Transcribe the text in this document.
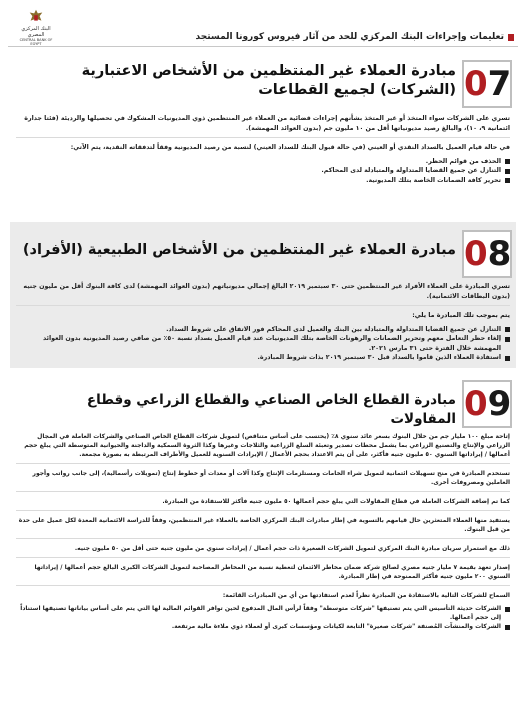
البنك المركزي المصري
CENTRAL BANK OF EGYPT
تعليمات وإجراءات البنك المركزي للحد من آثار فيروس كورونا المستجد
07
مبادرة العملاء غير المنتظمين من الأشخاص الاعتبارية (الشركات) لجميع القطاعات

تسري على الشركات سواء المتخذ أو غير المتخذ بشأنهم إجراءات قضائية من العملاء غير المنتظمين ذوي المديونيات المشكوك في تحصيلها والرديئة (فئتا جدارة ائتمانية ٩، ١٠)، والبالغ رصيد مديونياتها أقل من ١٠ مليون جم (بدون العوائد المهمشة).

في حالة قيام العميل بالسداد النقدي أو العيني (في حالة قبول البنك للسداد العيني) لنسبة من رصيد المديونية وفقاً لتدفقاته النقدية، يتم الآتي:

الحذف من قوائم الحظر.
التنازل عن جميع القضايا المتداولة والمتبادلة لدى المحاكم.
تحرير كافة الضمانات الخاصة بتلك المديونية.
08
مبادرة العملاء غير المنتظمين من الأشخاص الطبيعية (الأفراد)

تسري المبادرة على العملاء الأفراد غير المنتظمين حتى ٣٠ سبتمبر ٢٠١٩ البالغ إجمالي مديونياتهم (بدون العوائد المهمشة) لدى كافة البنوك أقل من مليون جنيه (بدون البطاقات الائتمانية).

يتم بموجب تلك المبادرة ما يلي:

التنازل عن جميع القضايا المتداولة والمتبادلة بين البنك والعميل لدى المحاكم فور الاتفاق على شروط السداد.
إلغاء حظر التعامل معهم وتحرير الضمانات والرهونات الخاصة بتلك المديونيات عند قيام العميل بسداد نسبة ٥٠٪ من صافي رصيد المديونية بدون العوائد المهمشة خلال الفترة حتى ٣١ مارس ٢٠٢١.
استفادة العملاء الذين قاموا بالسداد قبل ٣٠ سبتمبر ٢٠١٩ بذات شروط المبادرة.
09
مبادرة القطاع الخاص الصناعي والقطاع الزراعي وقطاع المقاولات

إتاحة مبلغ ١٠٠ مليار جم من خلال البنوك بسعر عائد سنوي ٨٪ (يحتسب على أساس متناقص) لتمويل شركات القطاع الخاص الصناعي والشركات العاملة في المجال الزراعي والإنتاج والتصنيع الزراعي بما يشمل محطات تصدير وتعبئة السلع الزراعية والثلاجات وغيرها وكذا الثروة السمكية والداجنة والحيوانية المتوسطة التي يبلغ حجم أعمالها / إيراداتها السنوي ٥٠ مليون جنيه فأكثر، على أن يتم الاعتداد بحجم الأعمال / الإيرادات السنوية للعميل والأطراف المرتبطة به بصورة مجمعة.

تستخدم المبادرة في منح تسهيلات ائتمانية لتمويل شراء الخامات ومستلزمات الإنتاج وكذا آلات أو معدات أو خطوط إنتاج (تمويلات رأسمالية)، إلى جانب رواتب وأجور العاملين ومصروفات أخرى.

كما تم إضافة الشركات العاملة في قطاع المقاولات التي يبلغ حجم أعمالها ٥٠ مليون جنيه فأكثر للاستفادة من المبادرة.

يستفيد منها العملاء المتعثرين حال قيامهم بالتسوية في إطار مبادرات البنك المركزي الخاصة بالعملاء غير المنتظمين، وفقاً للدراسة الائتمانية المعدة لكل عميل على حدة من قبل البنوك.

ذلك مع استمرار سريان مبادرة البنك المركزي لتمويل الشركات الصغيرة ذات حجم أعمال / إيرادات سنوي من مليون جنيه حتى أقل من ٥٠ مليون جنيه.

إصدار تعهد بقيمة ٧ مليار جنيه مصري لصالح شركة ضمان مخاطر الائتمان لتغطية نسبة من المخاطر المصاحبة لتمويل الشركات الكبرى البالغ حجم أعمالها / إيراداتها السنوي ٢٠٠ مليون جنيه فأكثر الممنوحة في إطار المبادرة.

السماح للشركات التالية بالاستفادة من المبادرة نظراً لعدم استفادتها من أي من المبادرات القائمة:

الشركات حديثة التأسيس التي يتم تصنيفها "شركات متوسطة" وفقاً لرأس المال المدفوع لحين توافر القوائم المالية لها التي يتم على أساس بياناتها تصنيفها استناداً إلى حجم أعمالها.
الشركات والمنشآت المُصنفة "شركات صغيرة" التابعة لكيانات ومؤسسات كبرى أو لعملاء ذوي ملاءة مالية مرتفعة.
